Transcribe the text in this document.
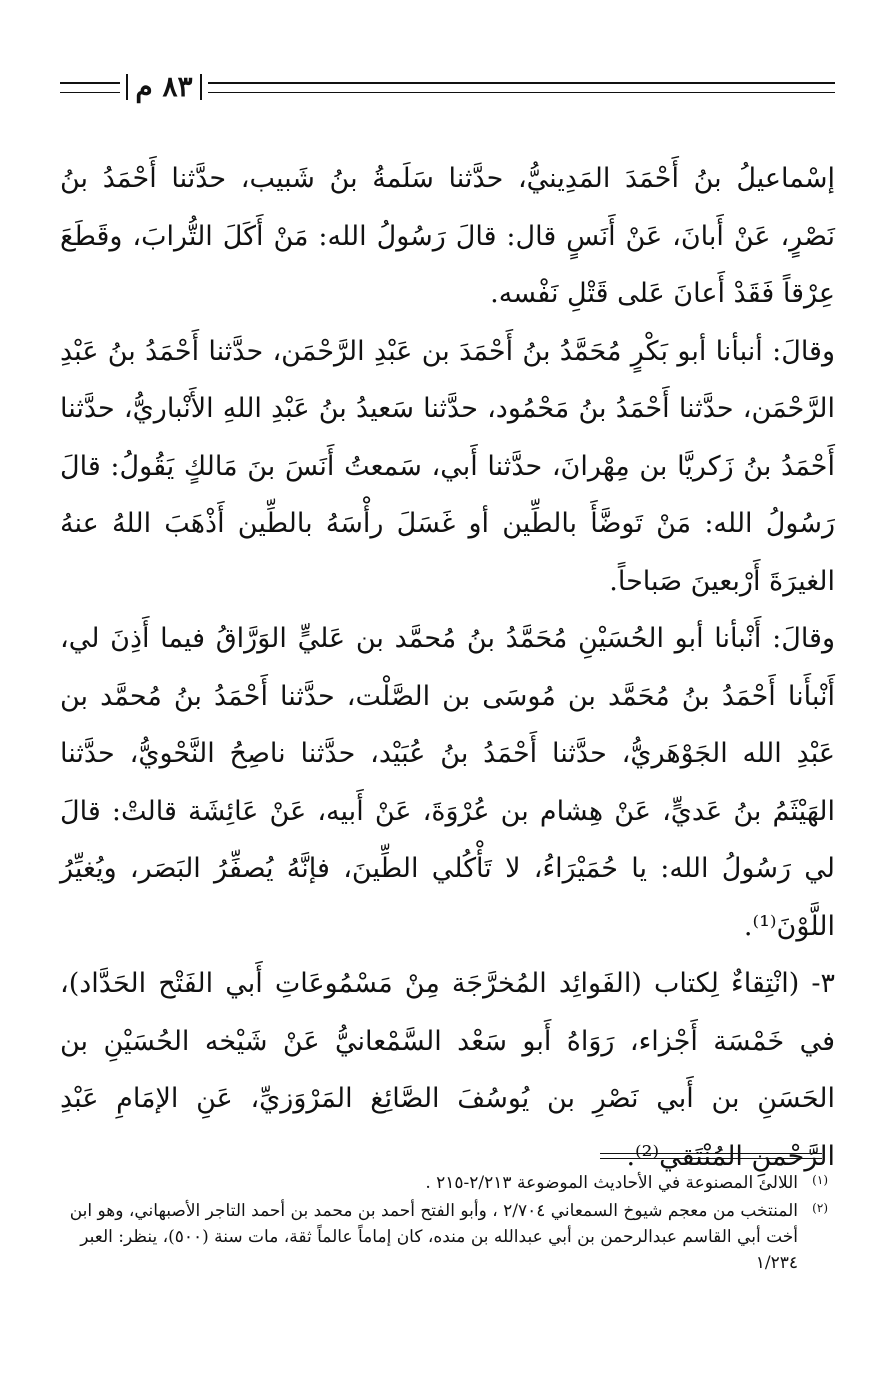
٨٣ م

إسْماعيلُ بنُ أَحْمَدَ المَدِينيُّ، حدَّثنا سَلَمةُ بنُ شَبيب، حدَّثنا أَحْمَدُ بنُ نَصْرٍ، عَنْ أَبانَ، عَنْ أَنَسٍ قال: قالَ رَسُولُ الله: مَنْ أَكَلَ التُّرابَ، وقَطَعَ عِرْقاً فَقَدْ أَعانَ عَلى قَتْلِ نَفْسه.

وقالَ: أنبأنا أبو بَكْرٍ مُحَمَّدُ بنُ أَحْمَدَ بن عَبْدِ الرَّحْمَن، حدَّثنا أَحْمَدُ بنُ عَبْدِ الرَّحْمَن، حدَّثنا أَحْمَدُ بنُ مَحْمُود، حدَّثنا سَعيدُ بنُ عَبْدِ اللهِ الأَنْباريُّ، حدَّثنا أَحْمَدُ بنُ زَكريَّا بن مِهْرانَ، حدَّثنا أَبي، سَمعتُ أَنَسَ بنَ مَالكٍ يَقُولُ: قالَ رَسُولُ الله: مَنْ تَوضَّأَ بالطِّين أو غَسَلَ رأْسَهُ بالطِّين أَذْهَبَ اللهُ عنهُ الغيرَةَ أَرْبعينَ صَباحاً.

وقالَ: أَنْبأنا أبو الحُسَيْنِ مُحَمَّدُ بنُ مُحمَّد بن عَليٍّ الوَرَّاقُ فيما أَذِنَ لي، أَنْبأَنا أَحْمَدُ بنُ مُحَمَّد بن مُوسَى بن الصَّلْت، حدَّثنا أَحْمَدُ بنُ مُحمَّد بن عَبْدِ الله الجَوْهَريُّ، حدَّثنا أَحْمَدُ بنُ عُبَيْد، حدَّثنا ناصِحُ النَّحْويُّ، حدَّثنا الهَيْثَمُ بنُ عَديٍّ، عَنْ هِشام بن عُرْوَةَ، عَنْ أَبيه، عَنْ عَائِشَة قالتْ: قالَ لي رَسُولُ الله: يا حُمَيْرَاءُ، لا تَأْكُلي الطِّينَ، فإنَّهُ يُصفِّرُ البَصَر، ويُغيِّرُ اللَّوْنَ⁽¹⁾.

٣- (انْتِقاءٌ لِكتاب (الفَوائِد المُخرَّجَة مِنْ مَسْمُوعَاتِ أَبي الفَتْح الحَدَّاد)، في خَمْسَة أَجْزاء، رَوَاهُ أَبو سَعْد السَّمْعانيُّ عَنْ شَيْخه الحُسَيْنِ بن الحَسَنِ بن أَبي نَصْرِ بن يُوسُفَ الصَّائِغ المَرْوَزيِّ، عَنِ الإمَامِ عَبْدِ الرَّحْمنِ المُنْتَقي⁽²⁾.

(١)
اللالئ المصنوعة في الأحاديث الموضوعة ٢/٢١٣-٢١٥ .
(٢)
المنتخب من معجم شيوخ السمعاني ٢/٧٠٤ ، وأبو الفتح أحمد بن محمد بن أحمد التاجر الأصبهاني، وهو ابن أخت أبي القاسم عبدالرحمن بن أبي عبدالله بن منده، كان إماماً عالماً ثقة، مات سنة (٥٠٠)، ينظر: العبر ١/٢٣٤
